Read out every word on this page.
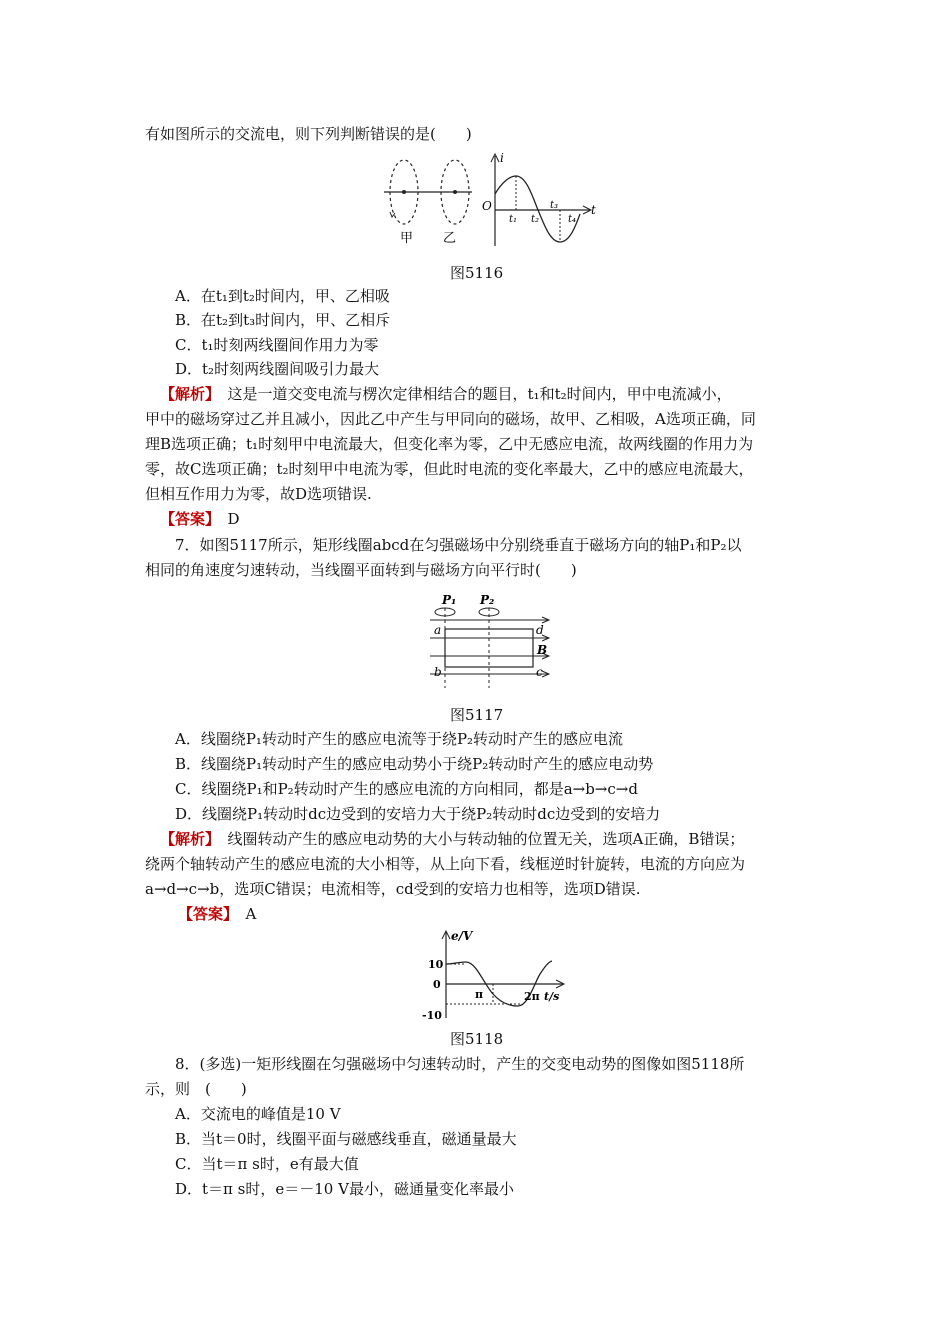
有如图所示的交流电，则下列判断错误的是(　　)
甲 乙
i
t
O
t₁ t₂
t₃
t₄
图5116
A．在t₁到t₂时间内，甲、乙相吸
B．在t₂到t₃时间内，甲、乙相斥
C．t₁时刻两线圈间作用力为零
D．t₂时刻两线圈间吸引力最大
【解析】　 这是一道交变电流与楞次定律相结合的题目，t₁和t₂时间内，甲中电流减小，
甲中的磁场穿过乙并且减小，因此乙中产生与甲同向的磁场，故甲、乙相吸，A选项正确，同
理B选项正确；t₁时刻甲中电流最大，但变化率为零，乙中无感应电流，故两线圈的作用力为
零，故C选项正确；t₂时刻甲中电流为零，但此时电流的变化率最大，乙中的感应电流最大，
但相互作用力为零，故D选项错误.
【答案】　 D
7．如图5117所示，矩形线圈abcd在匀强磁场中分别绕垂直于磁场方向的轴P₁和P₂以
相同的角速度匀速转动，当线圈平面转到与磁场方向平行时(　　)
P₁ P₂
a	d
B
b	c
图5117
A．线圈绕P₁转动时产生的感应电流等于绕P₂转动时产生的感应电流
B．线圈绕P₁转动时产生的感应电动势小于绕P₂转动时产生的感应电动势
C．线圈绕P₁和P₂转动时产生的感应电流的方向相同，都是a→b→c→d
D．线圈绕P₁转动时dc边受到的安培力大于绕P₂转动时dc边受到的安培力
【解析】　 线圈转动产生的感应电动势的大小与转动轴的位置无关，选项A正确，B错误；
绕两个轴转动产生的感应电流的大小相等，从上向下看，线框逆时针旋转，电流的方向应为
a→d→c→b，选项C错误；电流相等，cd受到的安培力也相等，选项D错误.
【答案】　 A
e/V
10
0
-10
π	2π t/s
图5118
8．(多选)一矩形线圈在匀强磁场中匀速转动时，产生的交变电动势的图像如图5118所
示，则　(　　)
A．交流电的峰值是10 V
B．当t＝0时，线圈平面与磁感线垂直，磁通量最大
C．当t＝π s时，e有最大值
D．t＝π s时，e＝－10 V最小，磁通量变化率最小
